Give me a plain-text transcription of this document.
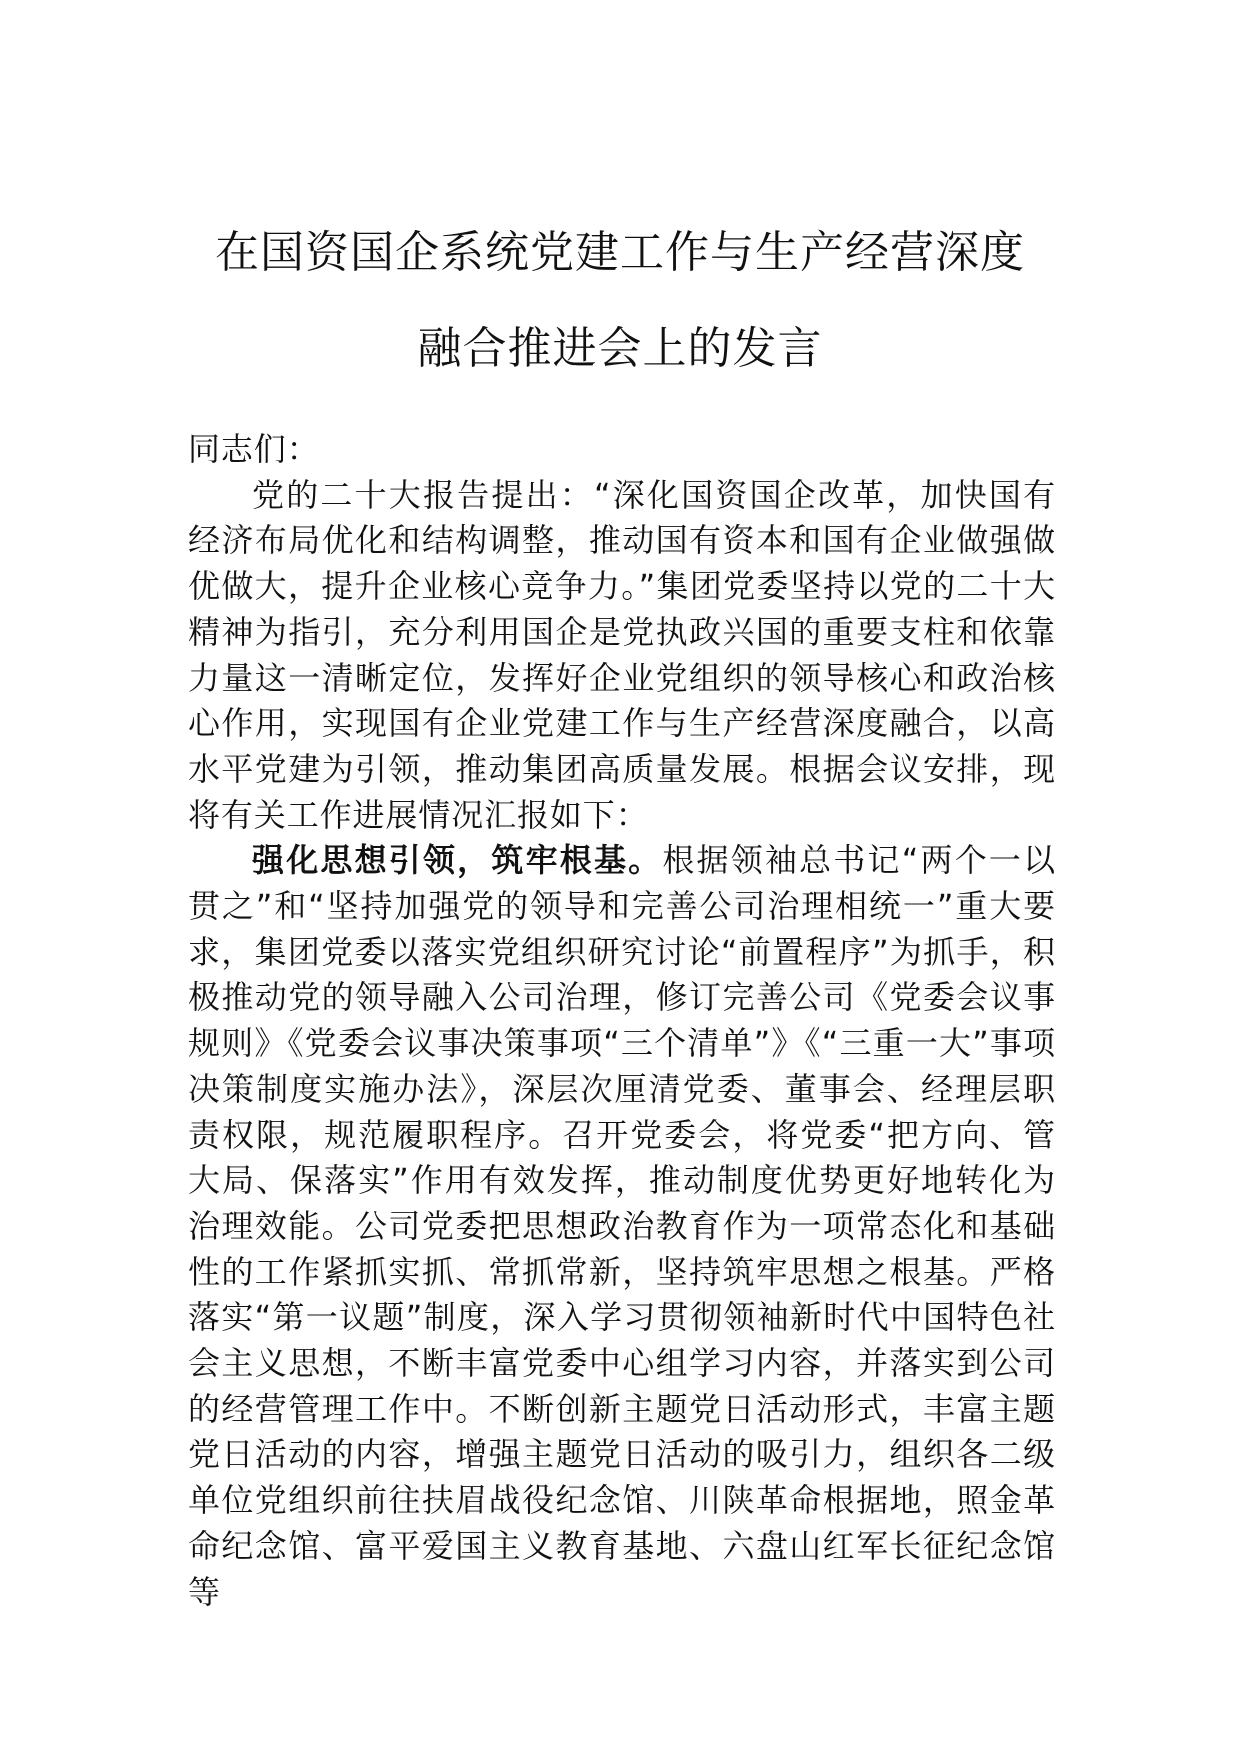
在国资国企系统党建工作与生产经营深度
融合推进会上的发言

同志们：

党的二十大报告提出：“深化国资国企改革，加快国有经济布局优化和结构调整，推动国有资本和国有企业做强做优做大，提升企业核心竞争力。”集团党委坚持以党的二十大精神为指引，充分利用国企是党执政兴国的重要支柱和依靠力量这一清晰定位，发挥好企业党组织的领导核心和政治核心作用，实现国有企业党建工作与生产经营深度融合，以高水平党建为引领，推动集团高质量发展。根据会议安排，现将有关工作进展情况汇报如下：

强化思想引领，筑牢根基。根据领袖总书记“两个一以贯之”和“坚持加强党的领导和完善公司治理相统一”重大要求，集团党委以落实党组织研究讨论“前置程序”为抓手，积极推动党的领导融入公司治理，修订完善公司《党委会议事规则》《党委会议事决策事项“三个清单”》《“三重一大”事项决策制度实施办法》，深层次厘清党委、董事会、经理层职责权限，规范履职程序。召开党委会，将党委“把方向、管大局、保落实”作用有效发挥，推动制度优势更好地转化为治理效能。公司党委把思想政治教育作为一项常态化和基础性的工作紧抓实抓、常抓常新，坚持筑牢思想之根基。严格落实“第一议题”制度，深入学习贯彻领袖新时代中国特色社会主义思想，不断丰富党委中心组学习内容，并落实到公司的经营管理工作中。不断创新主题党日活动形式，丰富主题党日活动的内容，增强主题党日活动的吸引力，组织各二级单位党组织前往扶眉战役纪念馆、川陕革命根据地，照金革命纪念馆、富平爱国主义教育基地、六盘山红军长征纪念馆等
